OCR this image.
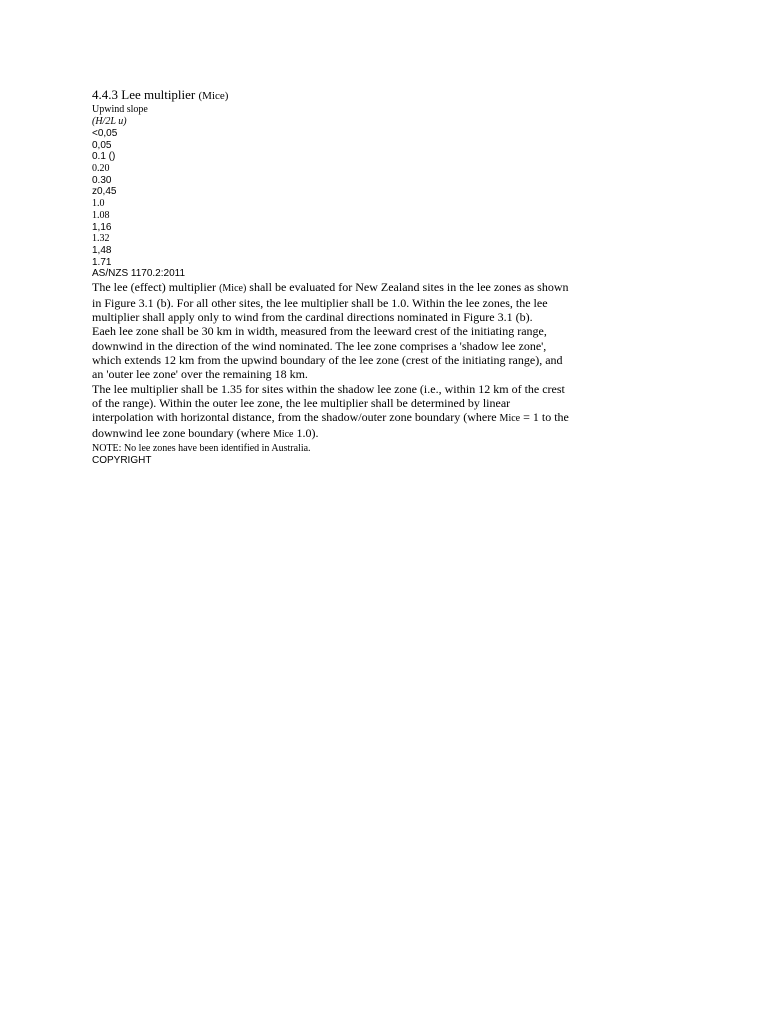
4.4.3 Lee multiplier (Mice)

Upwind slope
(H/2L u)
<0,05
0,05
0.1 ()
0.20
0.30
z0,45
1.0
1.08
1,16
1.32
1,48
1.71
AS/NZS 1170.2:2011

The lee (effect) multiplier (Mice) shall be evaluated for New Zealand sites in the lee zones as shown in Figure 3.1 (b). For all other sites, the lee multiplier shall be 1.0. Within the lee zones, the lee multiplier shall apply only to wind from the cardinal directions nominated in Figure 3.1 (b).

Eaeh lee zone shall be 30 km in width, measured from the leeward crest of the initiating range, downwind in the direction of the wind nominated. The lee zone comprises a 'shadow lee zone', which extends 12 km from the upwind boundary of the lee zone (crest of the initiating range), and an 'outer lee zone' over the remaining 18 km.

The lee multiplier shall be 1.35 for sites within the shadow lee zone (i.e., within 12 km of the crest of the range). Within the outer lee zone, the lee multiplier shall be determined by linear interpolation with horizontal distance, from the shadow/outer zone boundary (where Mice = 1 to the downwind lee zone boundary (where Mice 1.0).

NOTE: No lee zones have been identified in Australia.
COPYRIGHT
